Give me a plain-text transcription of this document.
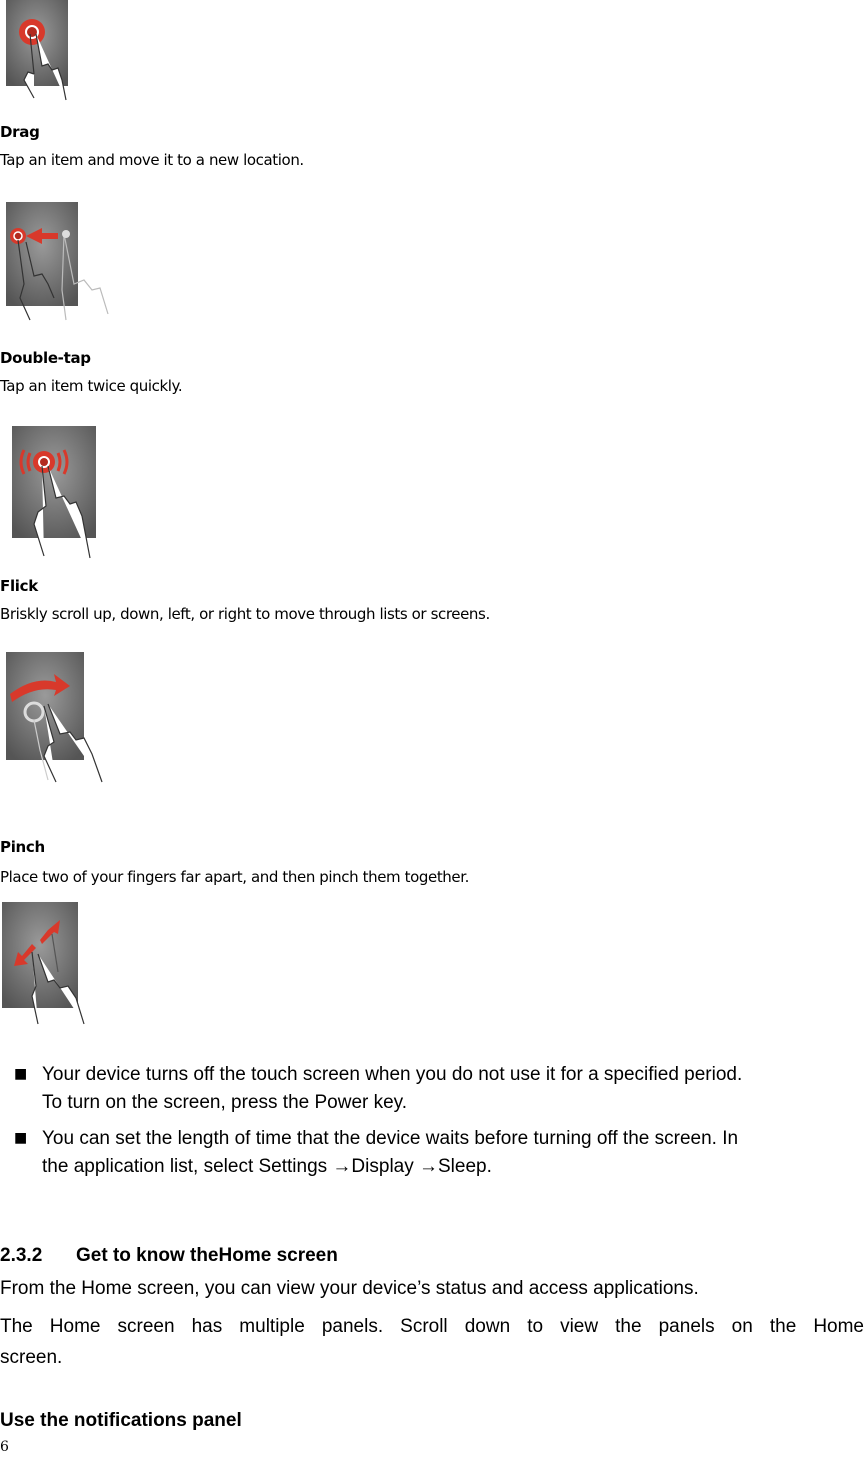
Drag
Tap an item and move it to a new location.
Double-tap
Tap an item twice quickly.
Flick
Briskly scroll up, down, left, or right to move through lists or screens.
Pinch
Place two of your fingers far apart, and then pinch them together.
■ Your device turns off the touch screen when you do not use it for a specified period.
To turn on the screen, press the Power key.
■ You can set the length of time that the device waits before turning off the screen. In
the application list, select Settings →Display →Sleep.
2.3.2 Get to know theHome screen
From the Home screen, you can view your device’s status and access applications.
The Home screen has multiple panels. Scroll down to view the panels on the Home
screen.
Use the notifications panel
6
